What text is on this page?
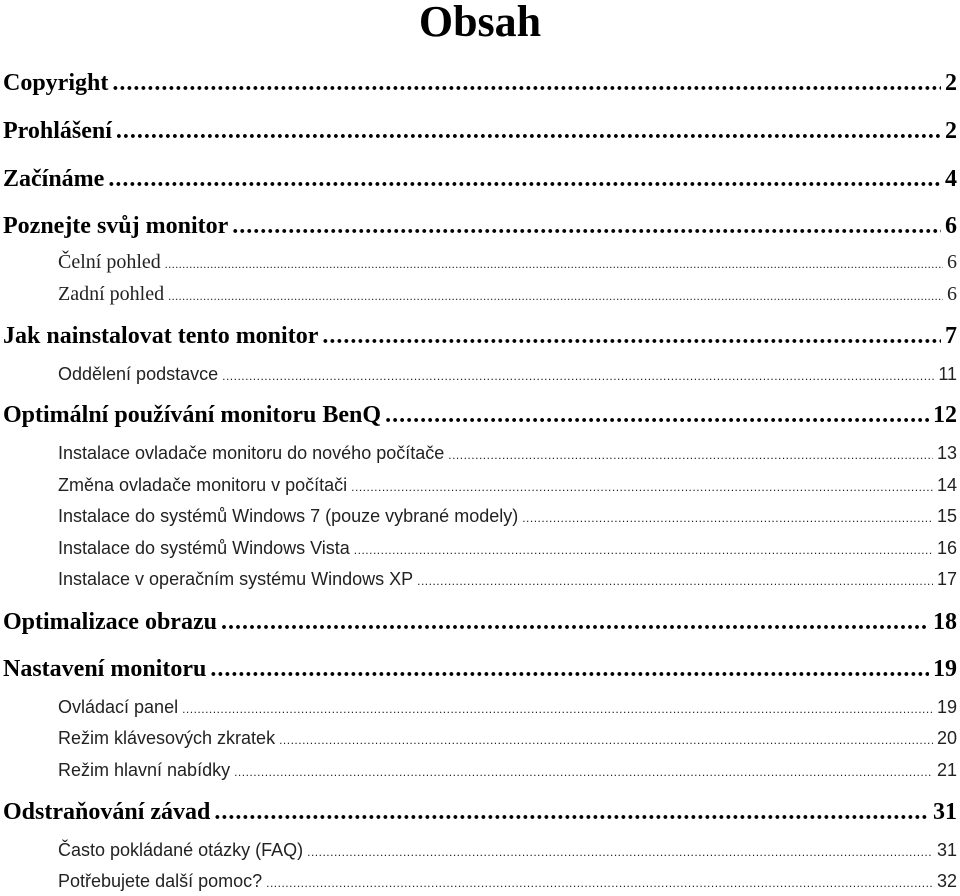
Obsah
Copyright .....	2
Prohlášení .....	2
Začínáme .....	4
Poznejte svůj monitor .....	6
Čelní pohled .....	6
Zadní pohled .....	6
Jak nainstalovat tento monitor .....	7
Oddělení podstavce .....	11
Optimální používání monitoru BenQ .....	12
Instalace ovladače monitoru do nového počítače .....	13
Změna ovladače monitoru v počítači .....	14
Instalace do systémů Windows 7 (pouze vybrané modely) .....	15
Instalace do systémů Windows Vista .....	16
Instalace v operačním systému Windows XP .....	17
Optimalizace obrazu .....	18
Nastavení monitoru .....	19
Ovládací panel .....	19
Režim klávesových zkratek .....	20
Režim hlavní nabídky .....	21
Odstraňování závad .....	31
Často pokládané otázky (FAQ) .....	31
Potřebujete další pomoc? .....	32
